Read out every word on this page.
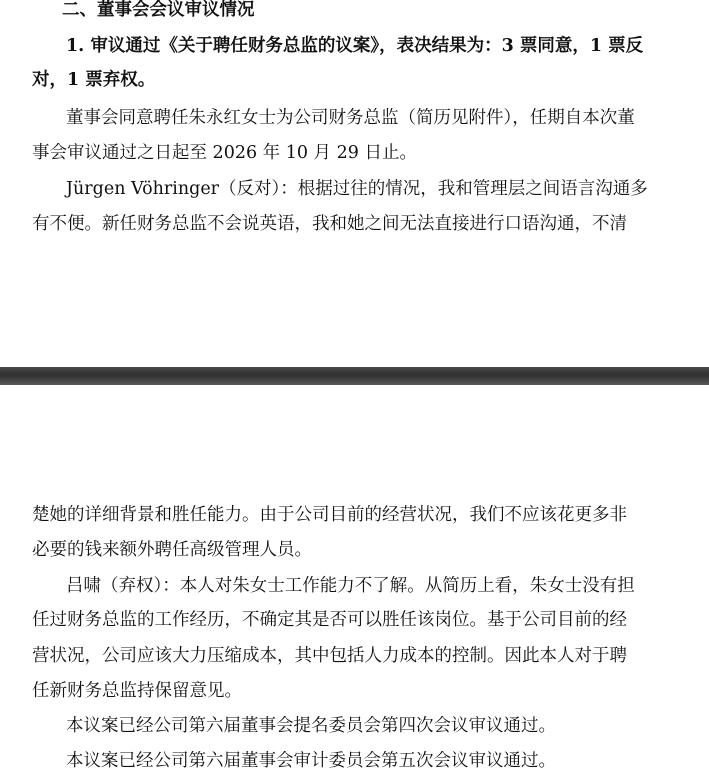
二、董事会会议审议情况
1. 审议通过《关于聘任财务总监的议案》，表决结果为：3 票同意，1 票反
对，1 票弃权。
董事会同意聘任朱永红女士为公司财务总监（简历见附件），任期自本次董
事会审议通过之日起至 2026 年 10 月 29 日止。
Jürgen Vöhringer（反对）：根据过往的情况，我和管理层之间语言沟通多
有不便。新任财务总监不会说英语，我和她之间无法直接进行口语沟通，不清
楚她的详细背景和胜任能力。由于公司目前的经营状况，我们不应该花更多非
必要的钱来额外聘任高级管理人员。
吕啸（弃权）：本人对朱女士工作能力不了解。从简历上看，朱女士没有担
任过财务总监的工作经历，不确定其是否可以胜任该岗位。基于公司目前的经
营状况，公司应该大力压缩成本，其中包括人力成本的控制。因此本人对于聘
任新财务总监持保留意见。
本议案已经公司第六届董事会提名委员会第四次会议审议通过。
本议案已经公司第六届董事会审计委员会第五次会议审议通过。
